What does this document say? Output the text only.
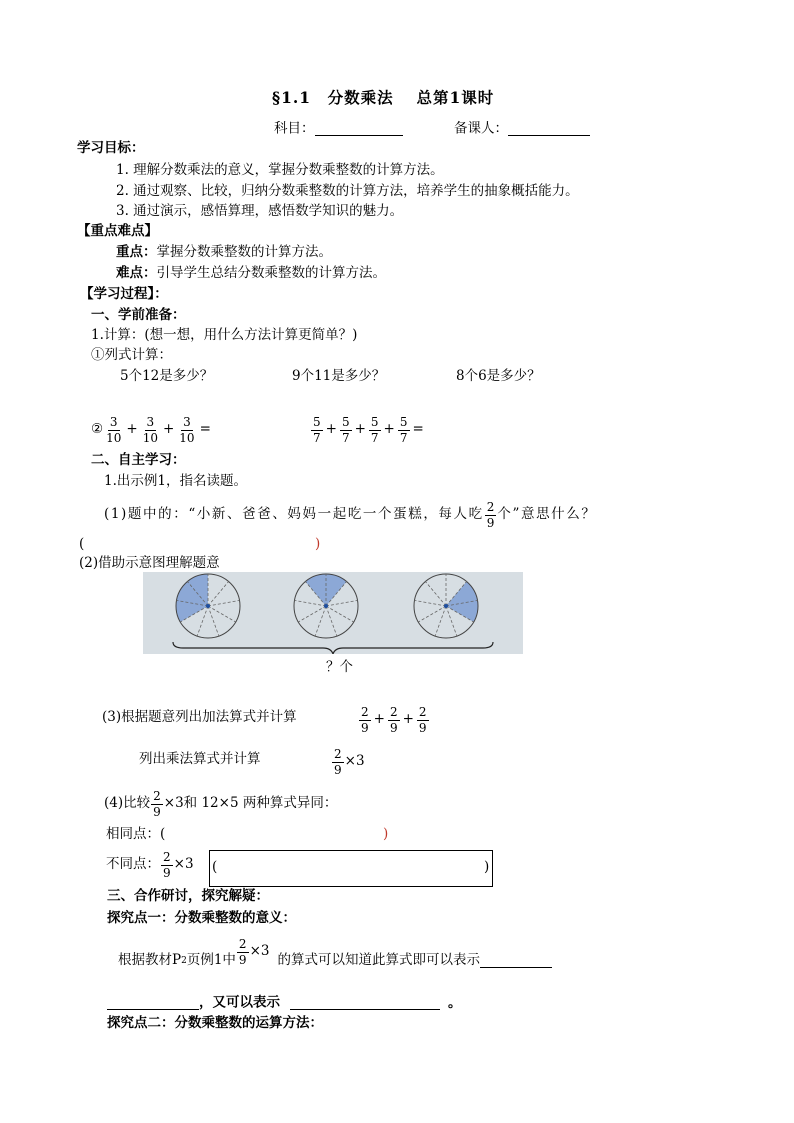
§1.1　分数乘法　 总第1课时
科目：	备课人：
学习目标：
1. 理解分数乘法的意义，掌握分数乘整数的计算方法。
2. 通过观察、比较，归纳分数乘整数的计算方法，培养学生的抽象概括能力。
3. 通过演示，感悟算理，感悟数学知识的魅力。
【重点难点】
重点：掌握分数乘整数的计算方法。
难点：引导学生总结分数乘整数的计算方法。
【学习过程】：
一、学前准备：
1.计算：(想一想，用什么方法计算更简单？)
①列式计算：
5个12是多少？	9个11是多少？	8个6是多少？
② $\frac{3}{10} + \frac{3}{10} + \frac{3}{10}$ =	$\frac{5}{7} + \frac{5}{7} + \frac{5}{7} + \frac{5}{7}$ =
二、自主学习：
1.出示例1，指名读题。
(1)题中的：“小新、爸爸、妈妈一起吃一个蛋糕，每人吃 $\frac{2}{9}$ 个”意思什么？
(	)
(2)借助示意图理解题意
？个
(3)根据题意列出加法算式并计算	$\frac{2}{9} + \frac{2}{9} + \frac{2}{9}$
列出乘法算式并计算	$\frac{2}{9} \times 3$
(4)比较 $\frac{2}{9} \times 3$ 和 12×5 两种算式异同：
相同点：(	)
不同点： $\frac{2}{9} \times 3$ (	)
三、合作研讨，探究解疑：
探究点一：分数乘整数的意义：
根据教材P 2 页例1中 $\frac{2}{9} \times 3$
的算式可以知道此算式即可以表示
，又可以表示	。
探究点二：分数乘整数的运算方法：
